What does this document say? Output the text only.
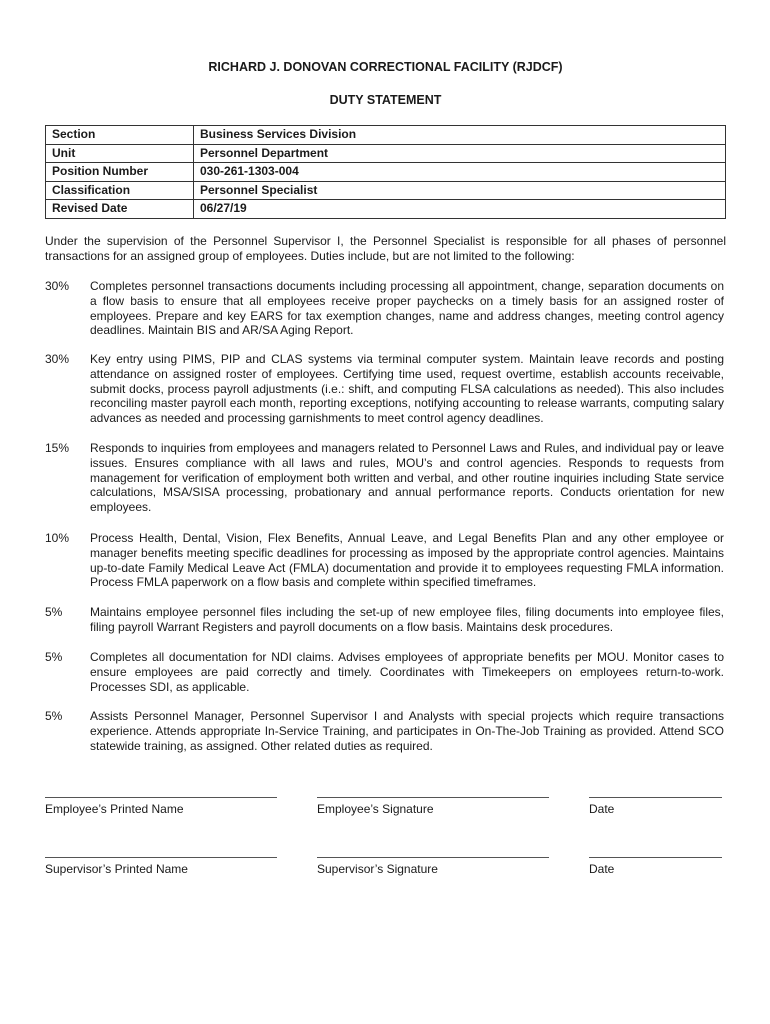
RICHARD J. DONOVAN CORRECTIONAL FACILITY (RJDCF)
DUTY STATEMENT
Section	Business Services Division
Unit	Personnel Department
Position Number	030-261-1303-004
Classification	Personnel Specialist
Revised Date	06/27/19
Under the supervision of the Personnel Supervisor I, the Personnel Specialist is responsible for all phases of personnel transactions for an assigned group of employees. Duties include, but are not limited to the following:
30%	Completes personnel transactions documents including processing all appointment, change, separation documents on a flow basis to ensure that all employees receive proper paychecks on a timely basis for an assigned roster of employees. Prepare and key EARS for tax exemption changes, name and address changes, meeting control agency deadlines. Maintain BIS and AR/SA Aging Report.
30%	Key entry using PIMS, PIP and CLAS systems via terminal computer system. Maintain leave records and posting attendance on assigned roster of employees. Certifying time used, request overtime, establish accounts receivable, submit docks, process payroll adjustments (i.e.: shift, and computing FLSA calculations as needed). This also includes reconciling master payroll each month, reporting exceptions, notifying accounting to release warrants, computing salary advances as needed and processing garnishments to meet control agency deadlines.
15%	Responds to inquiries from employees and managers related to Personnel Laws and Rules, and individual pay or leave issues. Ensures compliance with all laws and rules, MOU’s and control agencies. Responds to requests from management for verification of employment both written and verbal, and other routine inquiries including State service calculations, MSA/SISA processing, probationary and annual performance reports. Conducts orientation for new employees.
10%	Process Health, Dental, Vision, Flex Benefits, Annual Leave, and Legal Benefits Plan and any other employee or manager benefits meeting specific deadlines for processing as imposed by the appropriate control agencies. Maintains up-to-date Family Medical Leave Act (FMLA) documentation and provide it to employees requesting FMLA information. Process FMLA paperwork on a flow basis and complete within specified timeframes.
5%	Maintains employee personnel files including the set-up of new employee files, filing documents into employee files, filing payroll Warrant Registers and payroll documents on a flow basis. Maintains desk procedures.
5%	Completes all documentation for NDI claims. Advises employees of appropriate benefits per MOU. Monitor cases to ensure employees are paid correctly and timely. Coordinates with Timekeepers on employees return-to-work. Processes SDI, as applicable.
5%	Assists Personnel Manager, Personnel Supervisor I and Analysts with special projects which require transactions experience. Attends appropriate In-Service Training, and participates in On-The-Job Training as provided. Attend SCO statewide training, as assigned. Other related duties as required.
Employee’s Printed Name	Employee’s Signature	Date
Supervisor’s Printed Name	Supervisor’s Signature	Date
